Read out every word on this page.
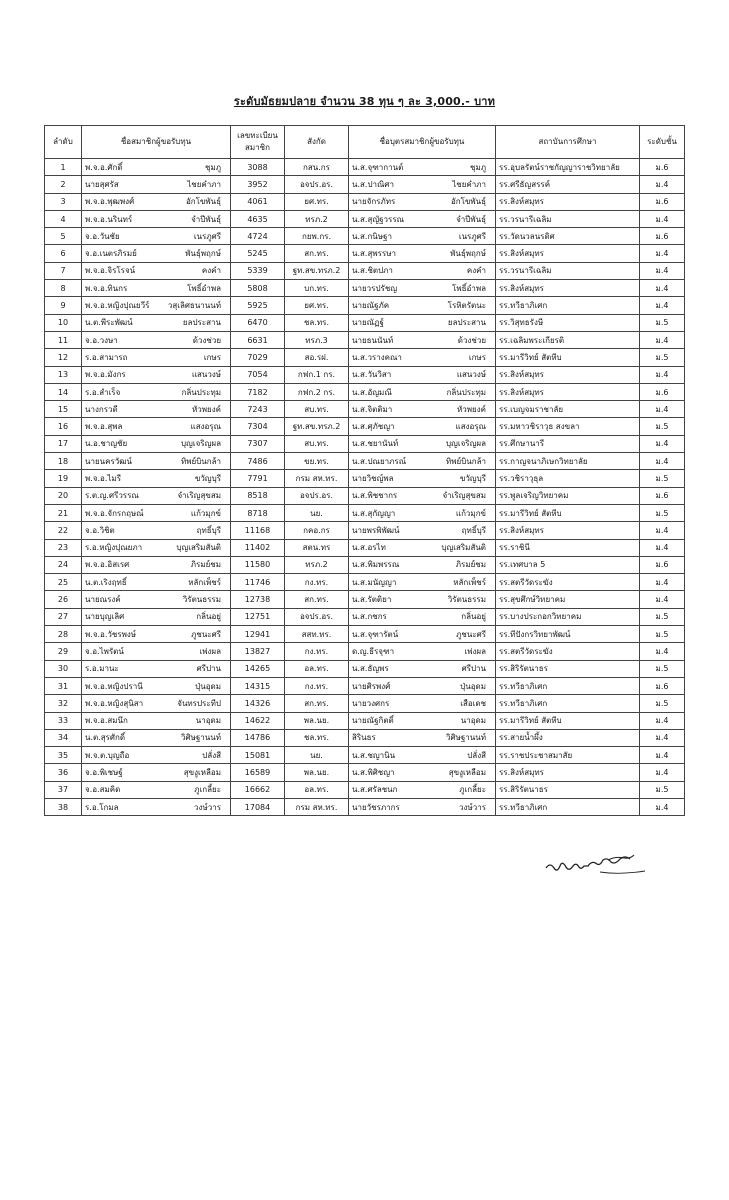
ระดับมัธยมปลาย จำนวน 38 ทุน ๆ ละ 3,000.- บาท
ลำดับ	ชื่อสมาชิกผู้ขอรับทุน	เลขทะเบียน สมาชิก	สังกัด	ชื่อบุตรสมาชิกผู้ขอรับทุน	สถาบันการศึกษา	ระดับชั้น
1	พ.จ.อ.ศักดิ์ ชุมภู	3088	กสน.กร	น.ส.จุฑากานต์ ชุมภู	รร.อุบลรัตน์ราชกัญญาราชวิทยาลัย	ม.6
2	นายสุศรัส ไชยคำภา	3952	อจปร.อร.	น.ส.ปาณิศา ไชยคำภา	รร.ศรีธัญสรรค์	ม.4
3	พ.จ.อ.พุฒพงศ์ อักโขพันธุ์	4061	ยศ.ทร.	นายจักรภัทร อักโขพันธุ์	รร.สิงห์สมุทร	ม.6
4	พ.จ.อ.นรินทร์ จำปีพันธุ์	4635	ทรภ.2	น.ส.สุญัฐวรรณ จำปีพันธุ์	รร.วรนารีเฉลิม	ม.4
5	จ.อ.วันชัย เนรภูศรี	4724	กยพ.กร.	น.ส.กนิษฐา เนรภูศรี	รร.วัดนวลนรดิศ	ม.6
6	จ.อ.เนตรภิรมย์ พันธุ์พฤกษ์	5245	สก.ทร.	น.ส.สุพรรษา พันธุ์พฤกษ์	รร.สิงห์สมุทร	ม.4
7	พ.จ.อ.จิรโรจน์ คงคำ	5339	ฐท.สข.ทรภ.2	น.ส.ชิตปภา คงคำ	รร.วรนารีเฉลิม	ม.4
8	พ.จ.อ.ทินกร โพธิ์อำพล	5808	บก.ทร.	นายวรปรัชญ โพธิ์อำพล	รร.สิงห์สมุทร	ม.4
9	พ.จ.อ.หญิงปุณยวีร์ วสุเลิศธนานนท์	5925	ยศ.ทร.	นายณัฐภัค โรหิตรัตนะ	รร.ทวีธาภิเศก	ม.4
10	น.ต.พีระพัฒน์ ยลประสาน	6470	ชล.ทร.	นายณัฏฐ์ ยลประสาน	รร.วิสุทธรังษี	ม.5
11	จ.อ.วงษา ด้วงช่วย	6631	ทรภ.3	นายธนนันท์ ด้วงช่วย	รร.เฉลิมพระเกียรติ	ม.4
12	ร.อ.สามารถ เกษร	7029	สอ.รฝ.	น.ส.วรางคณา เกษร	รร.มารีวิทย์ สัตหีบ	ม.5
13	พ.จ.อ.มังกร แสนวงษ์	7054	กฟก.1 กร.	น.ส.วันวิสา แสนวงษ์	รร.สิงห์สมุทร	ม.4
14	ร.อ.สำเร็จ กลิ่นประทุม	7182	กฟก.2 กร.	น.ส.อัญมณี กลิ่นประทุม	รร.สิงห์สมุทร	ม.6
15	นางกรวดี หัวพยงค์	7243	สบ.ทร.	น.ส.จิตติมา หัวพยงค์	รร.เบญจมราชาลัย	ม.4
16	พ.จ.อ.สุพล แสงอรุณ	7304	ฐท.สข.ทรภ.2	น.ส.ศุภัชญา แสงอรุณ	รร.มหาวชิราวุธ สงขลา	ม.5
17	น.อ.ชาญชัย บุญเจริญผล	7307	สบ.ทร.	น.ส.ชยานันท์ บุญเจริญผล	รร.ศึกษานารี	ม.4
18	นายนครวัฒน์ ทิพย์บินกล้า	7486	ขย.ทร.	น.ส.ปณยาภรณ์ ทิพย์บินกล้า	รร.กาญจนาภิเษกวิทยาลัย	ม.4
19	พ.จ.อ.ไมรี ขวัญบุรี	7791	กรม สห.ทร.	นายวิชญ์พล ขวัญบุรี	รร.วชิราวุธุล	ม.5
20	ร.ต.ญ.ศรีวรรณ จำเริญสุขสม	8518	อจปร.อร.	น.ส.พิชชากร จำเริญสุขสม	รร.พูลเจริญวิทยาคม	ม.6
21	พ.จ.อ.จักรกฤษณ์ แก้วมุกข์	8718	นย.	น.ส.สุกัญญา แก้วมุกข์	รร.มารีวิทย์ สัตหีบ	ม.5
22	จ.อ.วิชิต ฤทธิ์บุรี	11168	กคอ.กร	นายพรพิพัฒน์ ฤทธิ์บุรี	รร.สิงห์สมุทร	ม.4
23	ร.อ.หญิงปุณยภา บุญเสริมสันติ	11402	สตน.ทร	น.ส.อรไท บุญเสริมสันติ	รร.ราชินี	ม.4
24	พ.จ.อ.อิสเรศ ภิรมย์ชม	11580	ทรภ.2	น.ส.พิมพรรณ ภิรมย์ชม	รร.เทศบาล 5	ม.6
25	น.ต.เริงฤทธิ์ หลักเพ็ชร์	11746	กง.ทร.	น.ส.มนัญญา หลักเพ็ชร์	รร.สตรีวัดระฆัง	ม.4
26	นายณรงค์ วิรัตนธรรม	12738	สก.ทร.	น.ส.รัตติยา วิรัตนธรรม	รร.สุขศึกษ์วิทยาคม	ม.4
27	นายบุญเลิศ กลิ่นอยู่	12751	อจปร.อร.	น.ส.กชกร กลิ่นอยู่	รร.บางประกอกวิทยาคม	ม.5
28	พ.จ.อ.วัชรพงษ์ ภูชนะศรี	12941	สสท.ทร.	น.ส.จุฑารัตน์ ภูชนะศรี	รร.ทีปังกรวิทยาพัฒน์	ม.5
29	จ.อ.ไพรัตน์ เพ่งผล	13827	กง.ทร.	ด.ญ.ธีรจุฑา เพ่งผล	รร.สตรีวัดระฆัง	ม.4
30	ร.อ.มานะ ศรีปาน	14265	อล.ทร.	น.ส.ธัญพร ศรีปาน	รร.สิริรัตนาธร	ม.5
31	พ.จ.อ.หญิงปรานี ปุ่นอุดม	14315	กง.ทร.	นายศิรพงศ์ ปุ่นอุดม	รร.ทวีธาภิเศก	ม.6
32	พ.จ.อ.หญิงสุนิสา จันทรประทีป	14326	สก.ทร.	นายวงศกร เสือเดช	รร.ทวีธาภิเศก	ม.5
33	พ.จ.อ.สมนึก นาอุดม	14622	พล.นย.	นายณัฐกิตติ์ นาอุดม	รร.มารีวิทย์ สัตหีบ	ม.4
34	น.ต.สุรศักดิ์ วิศิษฐานนท์	14786	ชล.ทร.	สิรินธร วิศิษฐานนท์	รร.สายน้ำผึ้ง	ม.4
35	พ.จ.ต.บุญถือ ปลั่งสี	15081	นย.	น.ส.ชญานิน ปลั่งสี	รร.ราชประชาสมาสัย	ม.4
36	จ.อ.พิเชษฐ์ สุขงูเหลือม	16589	พล.นย.	น.ส.พิศิชญา สุขงูเหลือม	รร.สิงห์สมุทร	ม.4
37	จ.อ.สมคิด ภูเกลี้ยะ	16662	อล.ทร.	น.ส.ศรัลชนก ภูเกลี้ยะ	รร.สิริรัตนาธร	ม.5
38	ร.อ.โกมล วงษ์วาร	17084	กรม สห.ทร.	นายวัชรภากร วงษ์วาร	รร.ทวีธาภิเศก	ม.4
